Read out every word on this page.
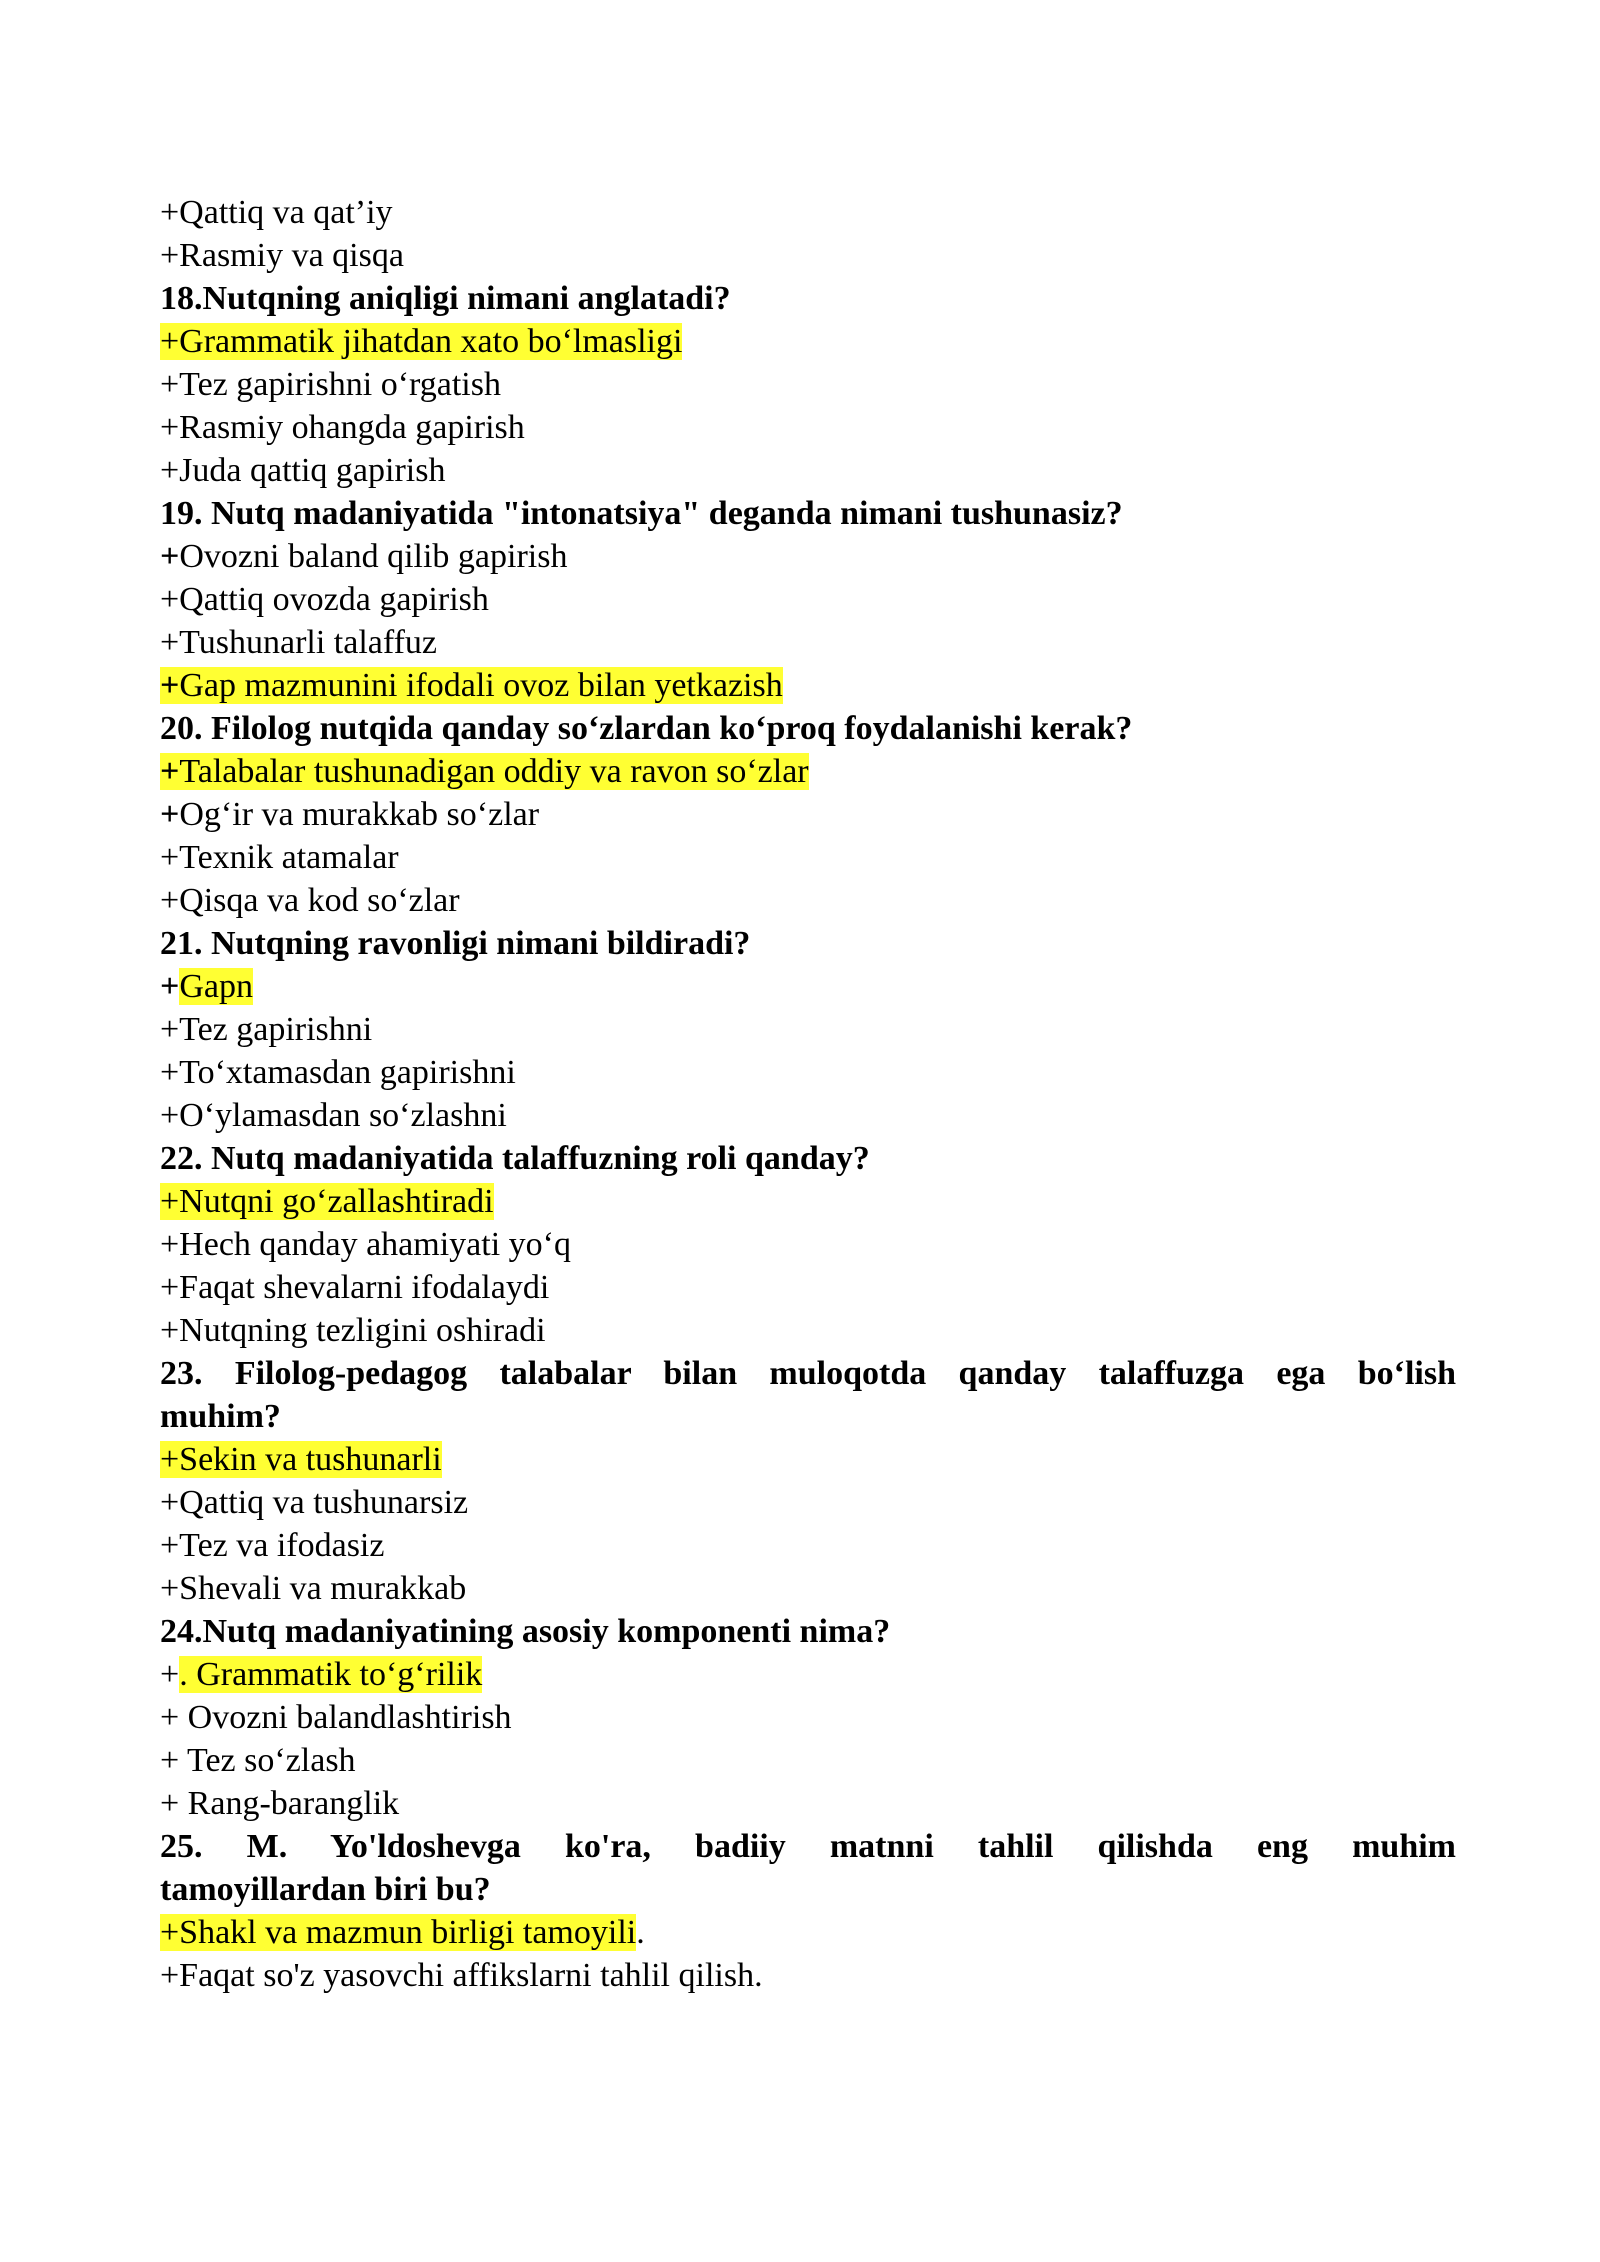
+Qattiq va qat’iy
+Rasmiy va qisqa
18.Nutqning aniqligi nimani anglatadi?
+Grammatik jihatdan xato bo‘lmasligi
+Tez gapirishni o‘rgatish
+Rasmiy ohangda gapirish
+Juda qattiq gapirish
19. Nutq madaniyatida "intonatsiya" deganda nimani tushunasiz?
+Ovozni baland qilib gapirish
+Qattiq ovozda gapirish
+Tushunarli talaffuz
+Gap mazmunini ifodali ovoz bilan yetkazish
20. Filolog nutqida qanday so‘zlardan ko‘proq foydalanishi kerak?
+Talabalar tushunadigan oddiy va ravon so‘zlar
+Og‘ir va murakkab so‘zlar
+Texnik atamalar
+Qisqa va kod so‘zlar
21. Nutqning ravonligi nimani bildiradi?
+Gapn
+Tez gapirishni
+To‘xtamasdan gapirishni
+O‘ylamasdan so‘zlashni
22. Nutq madaniyatida talaffuzning roli qanday?
+Nutqni go‘zallashtiradi
+Hech qanday ahamiyati yo‘q
+Faqat shevalarni ifodalaydi
+Nutqning tezligini oshiradi
23. Filolog-pedagog talabalar bilan muloqotda qanday talaffuzga ega bo‘lish
muhim?
+Sekin va tushunarli
+Qattiq va tushunarsiz
+Tez va ifodasiz
+Shevali va murakkab
24.Nutq madaniyatining asosiy komponenti nima?
+. Grammatik to‘g‘rilik
+ Ovozni balandlashtirish
+ Tez so‘zlash
+ Rang-baranglik
25. M. Yo'ldoshevga ko'ra, badiiy matnni tahlil qilishda eng muhim
tamoyillardan biri bu?
+Shakl va mazmun birligi tamoyili.
+Faqat so'z yasovchi affikslarni tahlil qilish.
